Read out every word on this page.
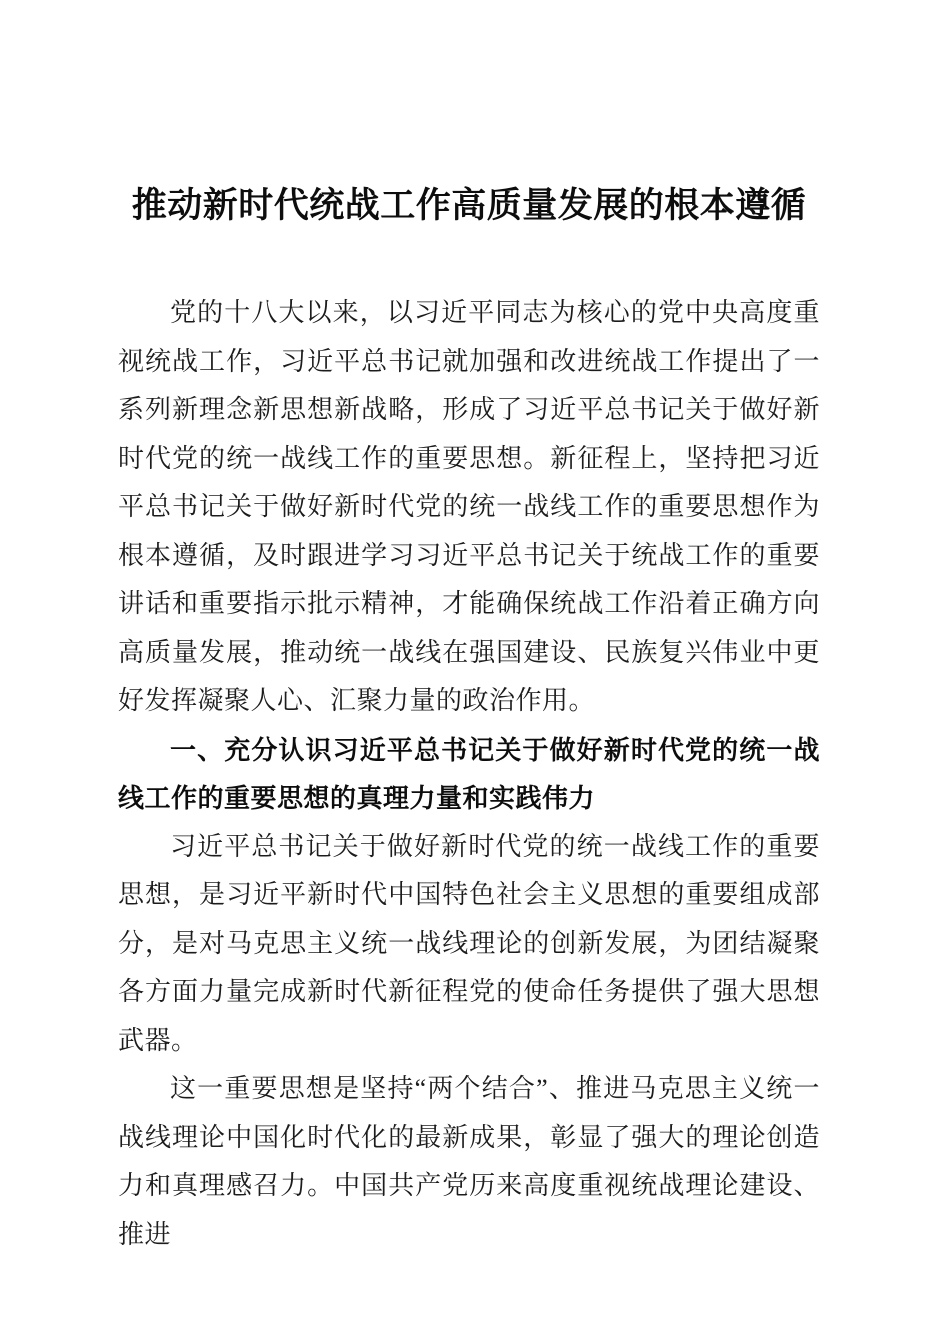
推动新时代统战工作高质量发展的根本遵循

党的十八大以来，以习近平同志为核心的党中央高度重视统战工作，习近平总书记就加强和改进统战工作提出了一系列新理念新思想新战略，形成了习近平总书记关于做好新时代党的统一战线工作的重要思想。新征程上，坚持把习近平总书记关于做好新时代党的统一战线工作的重要思想作为根本遵循，及时跟进学习习近平总书记关于统战工作的重要讲话和重要指示批示精神，才能确保统战工作沿着正确方向高质量发展，推动统一战线在强国建设、民族复兴伟业中更好发挥凝聚人心、汇聚力量的政治作用。

一、充分认识习近平总书记关于做好新时代党的统一战线工作的重要思想的真理力量和实践伟力

习近平总书记关于做好新时代党的统一战线工作的重要思想，是习近平新时代中国特色社会主义思想的重要组成部分，是对马克思主义统一战线理论的创新发展，为团结凝聚各方面力量完成新时代新征程党的使命任务提供了强大思想武器。

这一重要思想是坚持“两个结合”、推进马克思主义统一战线理论中国化时代化的最新成果，彰显了强大的理论创造力和真理感召力。中国共产党历来高度重视统战理论建设、推进
